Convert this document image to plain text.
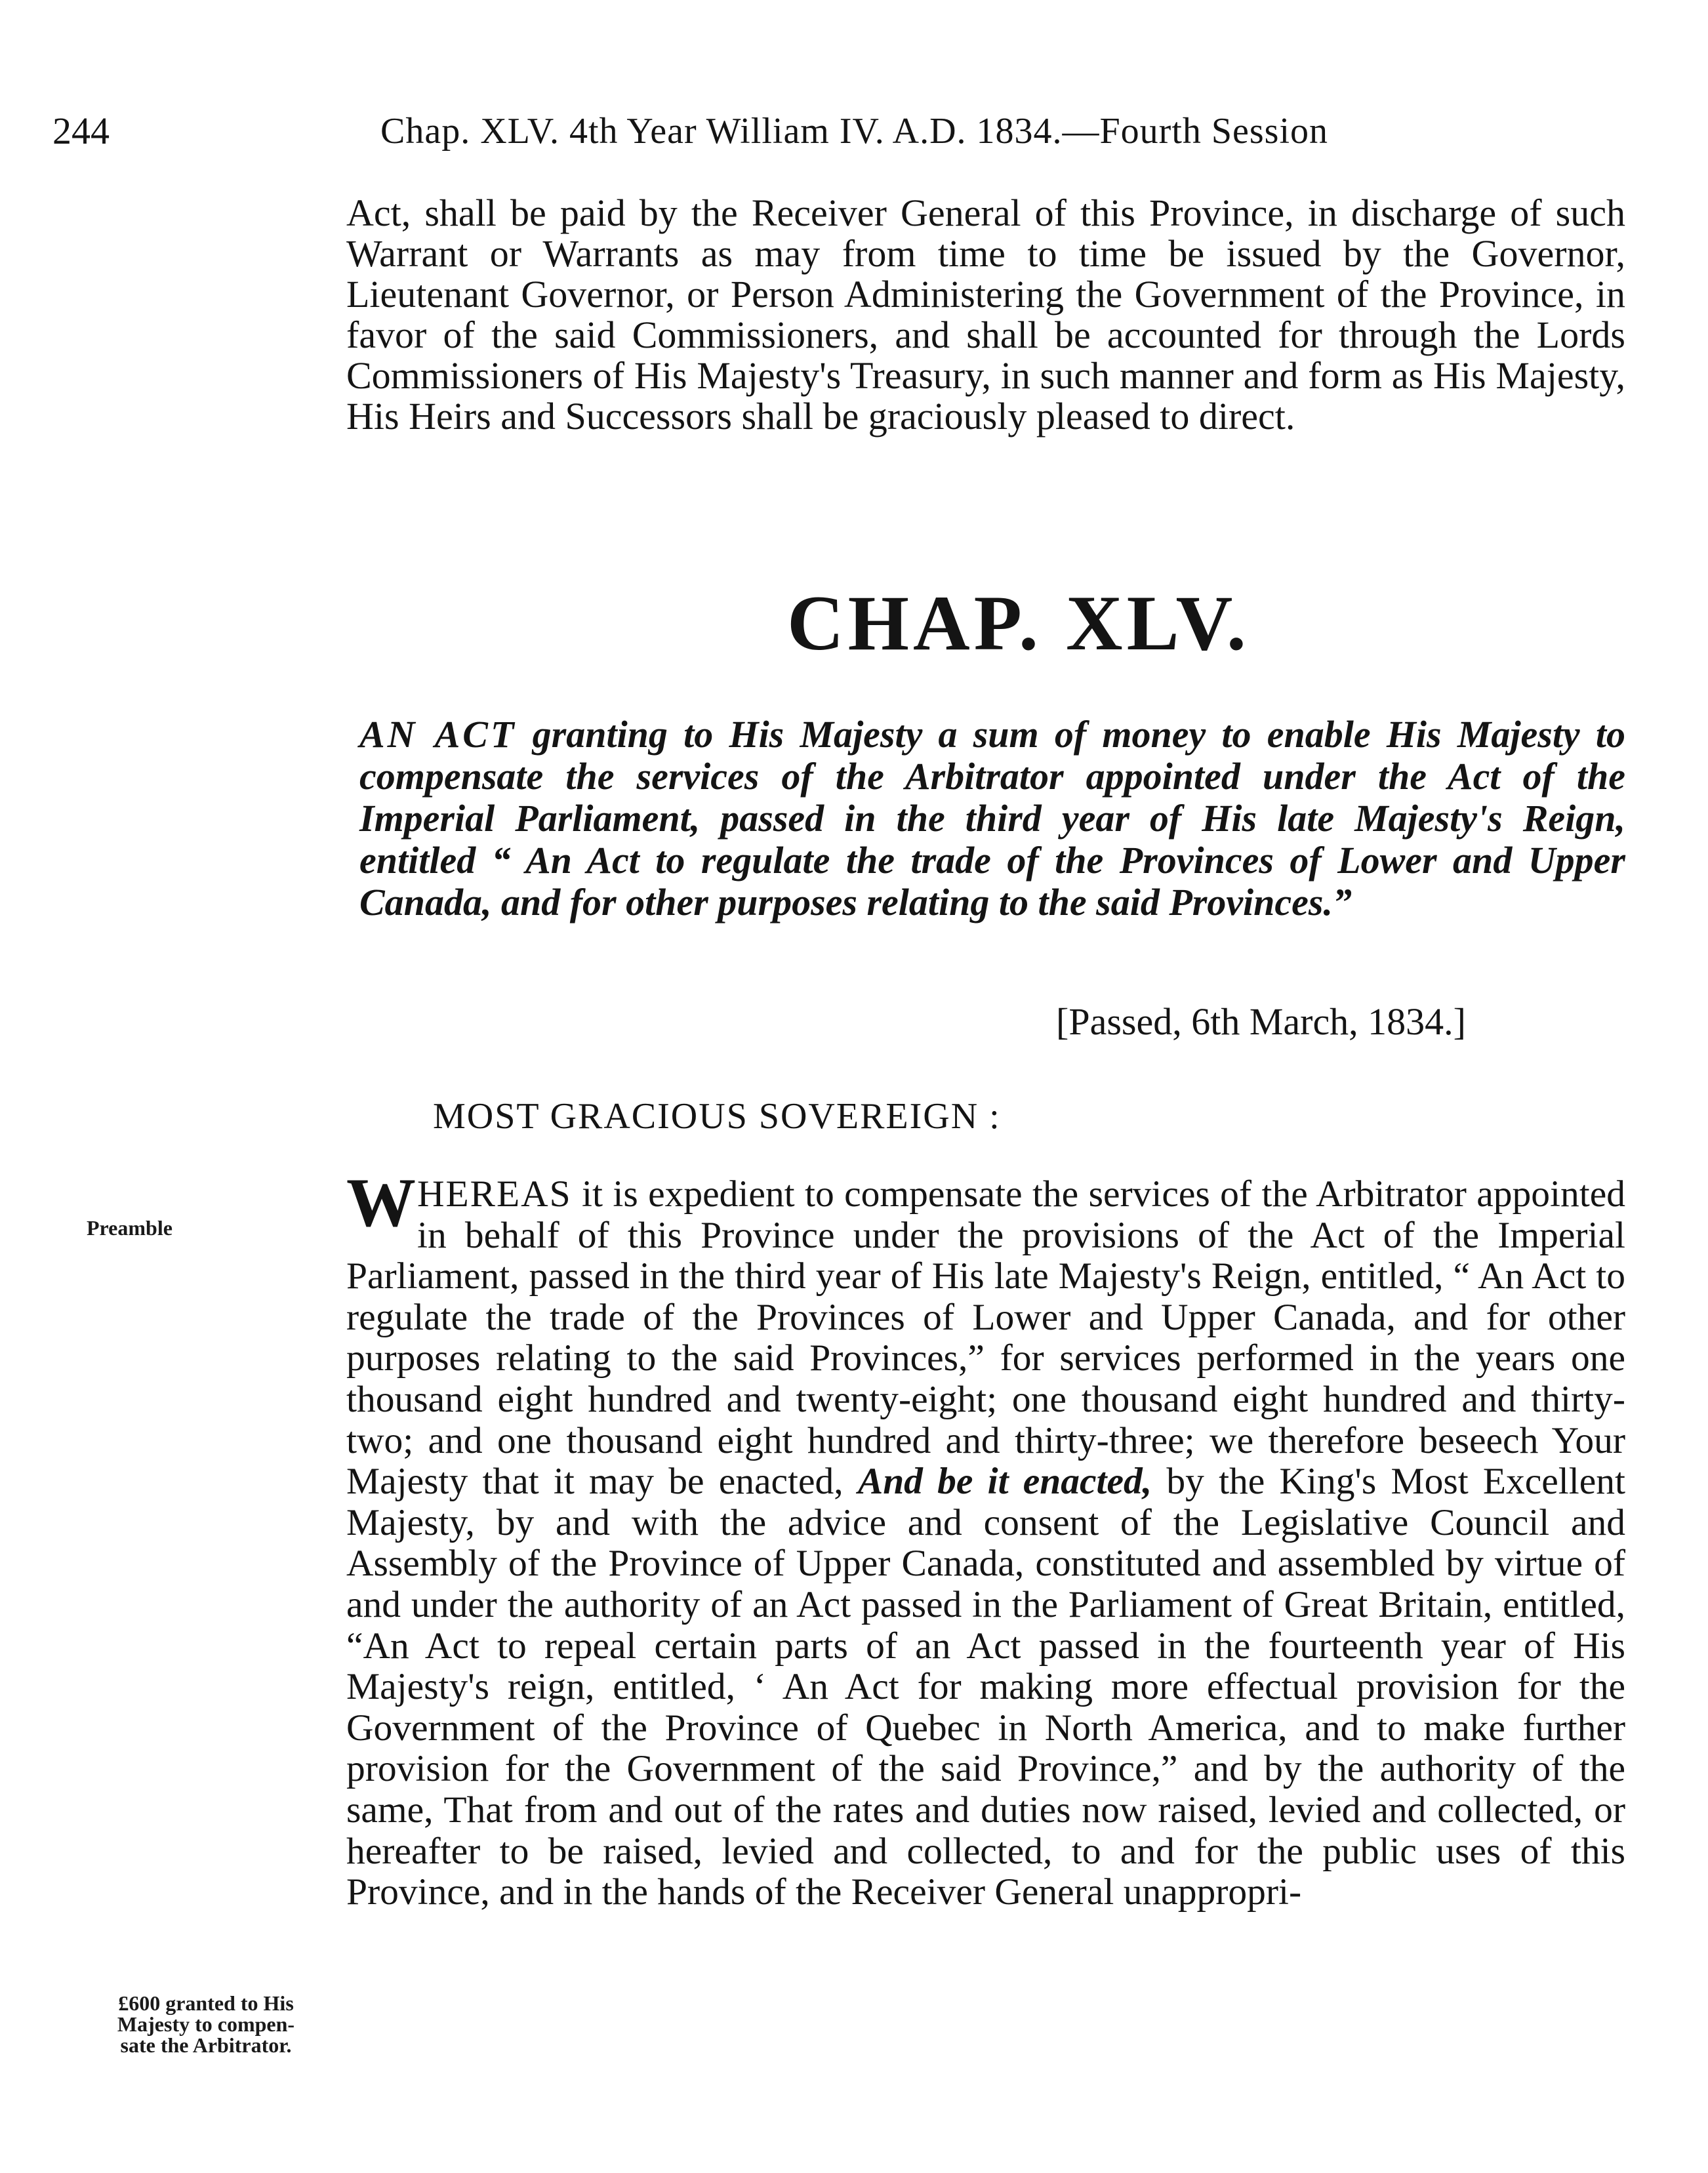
244	Chap. XLV. 4th Year William IV. A.D. 1834.—Fourth Session

Act, shall be paid by the Receiver General of this Province, in discharge of such Warrant or Warrants as may from time to time be issued by the Governor, Lieutenant Governor, or Person Administering the Government of the Province, in favor of the said Commissioners, and shall be accounted for through the Lords Commissioners of His Majesty's Treasury, in such manner and form as His Majesty, His Heirs and Successors shall be graciously pleased to direct.

CHAP. XLV.
AN ACT granting to His Majesty a sum of money to enable His Majesty to compensate the services of the Arbitrator appointed under the Act of the Imperial Parliament, passed in the third year of His late Majesty's Reign, entitled “ An Act to regulate the trade of the Provinces of Lower and Upper Canada, and for other purposes relating to the said Provinces.”
[Passed, 6th March, 1834.]
MOST GRACIOUS SOVEREIGN :

WHEREAS it is expedient to compensate the services of the Arbitrator appointed in behalf of this Province under the provisions of the Act of the Imperial Parliament, passed in the third year of His late Majesty's Reign, entitled, “ An Act to regulate the trade of the Provinces of Lower and Upper Canada, and for other purposes relating to the said Provinces,” for services performed in the years one thousand eight hundred and twenty-eight; one thousand eight hundred and thirty-two; and one thousand eight hundred and thirty-three; we therefore beseech Your Majesty that it may be enacted, And be it enacted, by the King's Most Excellent Majesty, by and with the advice and consent of the Legislative Council and Assembly of the Province of Upper Canada, constituted and assembled by virtue of and under the authority of an Act passed in the Parliament of Great Britain, entitled, “An Act to repeal certain parts of an Act passed in the fourteenth year of His Majesty's reign, entitled, ‘ An Act for making more effectual provision for the Government of the Province of Quebec in North America, and to make further provision for the Government of the said Province,” and by the authority of the same, That from and out of the rates and duties now raised, levied and collected, or hereafter to be raised, levied and collected, to and for the public uses of this Province, and in the hands of the Receiver General unappropri-

Preamble
£600 granted to His
Majesty to compen-
sate the Arbitrator.
